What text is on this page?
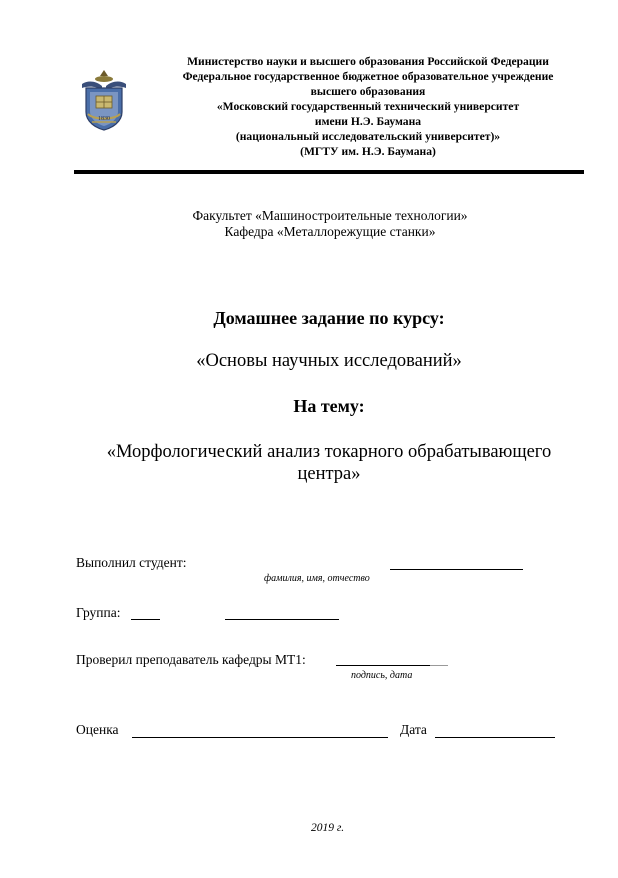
1830
Министерство науки и высшего образования Российской Федерации
Федеральное государственное бюджетное образовательное учреждение
высшего образования
«Московский государственный технический университет
имени Н.Э. Баумана
(национальный исследовательский университет)»
(МГТУ им. Н.Э. Баумана)
Факультет «Машиностроительные технологии»
Кафедра «Металлорежущие станки»
Домашнее задание по курсу:
«Основы научных исследований»
На тему:
«Морфологический анализ токарного обрабатывающего
центра»
Выполнил студент:
фамилия, имя, отчество
Группа:
Проверил преподаватель кафедры МТ1:
подпись, дата
Оценка	Дата
2019 г.
